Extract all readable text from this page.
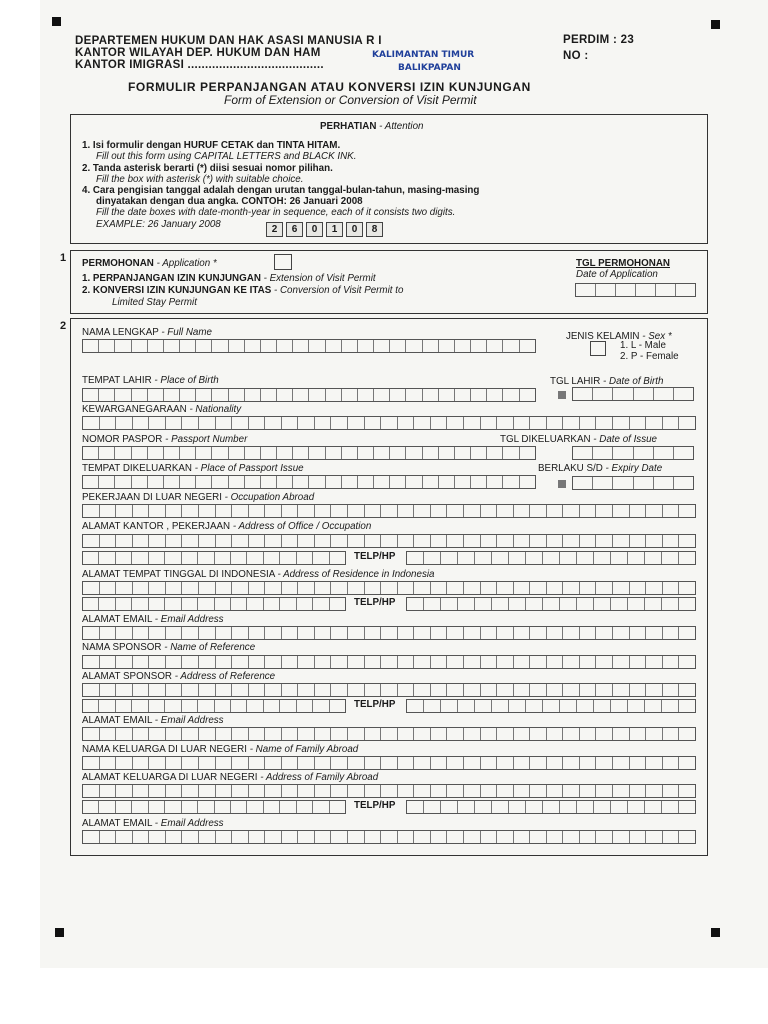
DEPARTEMEN HUKUM DAN HAK ASASI MANUSIA R I
KANTOR WILAYAH DEP. HUKUM DAN HAM	KALIMANTAN TIMUR
KANTOR IMIGRASI .......................................	BALIKPAPAN
PERDIM : 23
NO :
FORMULIR PERPANJANGAN ATAU KONVERSI IZIN KUNJUNGAN
Form of Extension or Conversion of Visit Permit
PERHATIAN - Attention
1. Isi formulir dengan HURUF CETAK dan TINTA HITAM.
Fill out this form using CAPITAL LETTERS and BLACK INK.
2. Tanda asterisk berarti (*) diisi sesuai nomor pilihan.
Fill the box with asterisk (*) with suitable choice.
4. Cara pengisian tanggal adalah dengan urutan tanggal-bulan-tahun, masing-masing
dinyatakan dengan dua angka. CONTOH: 26 Januari 2008
Fill the date boxes with date-month-year in sequence, each of it consists two digits.
EXAMPLE: 26 January 2008	2	6	0	1	0	8
1 PERMOHONAN - Application *
1. PERPANJANGAN IZIN KUNJUNGAN - Extension of Visit Permit
2. KONVERSI IZIN KUNJUNGAN KE ITAS - Conversion of Visit Permit to
Limited Stay Permit
TGL PERMOHONAN
Date of Application
2
NAMA LENGKAP - Full Name	JENIS KELAMIN - Sex *
1. L - Male
2. P - Female
TEMPAT LAHIR - Place of Birth	TGL LAHIR - Date of Birth
KEWARGANEGARAAN - Nationality
NOMOR PASPOR - Passport Number	TGL DIKELUARKAN - Date of Issue
TEMPAT DIKELUARKAN - Place of Passport Issue	BERLAKU S/D - Expiry Date
PEKERJAAN DI LUAR NEGERI - Occupation Abroad
ALAMAT KANTOR , PEKERJAAN - Address of Office / Occupation
TELP/HP
ALAMAT TEMPAT TINGGAL DI INDONESIA - Address of Residence in Indonesia
TELP/HP
ALAMAT EMAIL - Email Address
NAMA SPONSOR - Name of Reference
ALAMAT SPONSOR - Address of Reference
TELP/HP
ALAMAT EMAIL - Email Address
NAMA KELUARGA DI LUAR NEGERI - Name of Family Abroad
ALAMAT KELUARGA DI LUAR NEGERI - Address of Family Abroad
TELP/HP
ALAMAT EMAIL - Email Address
